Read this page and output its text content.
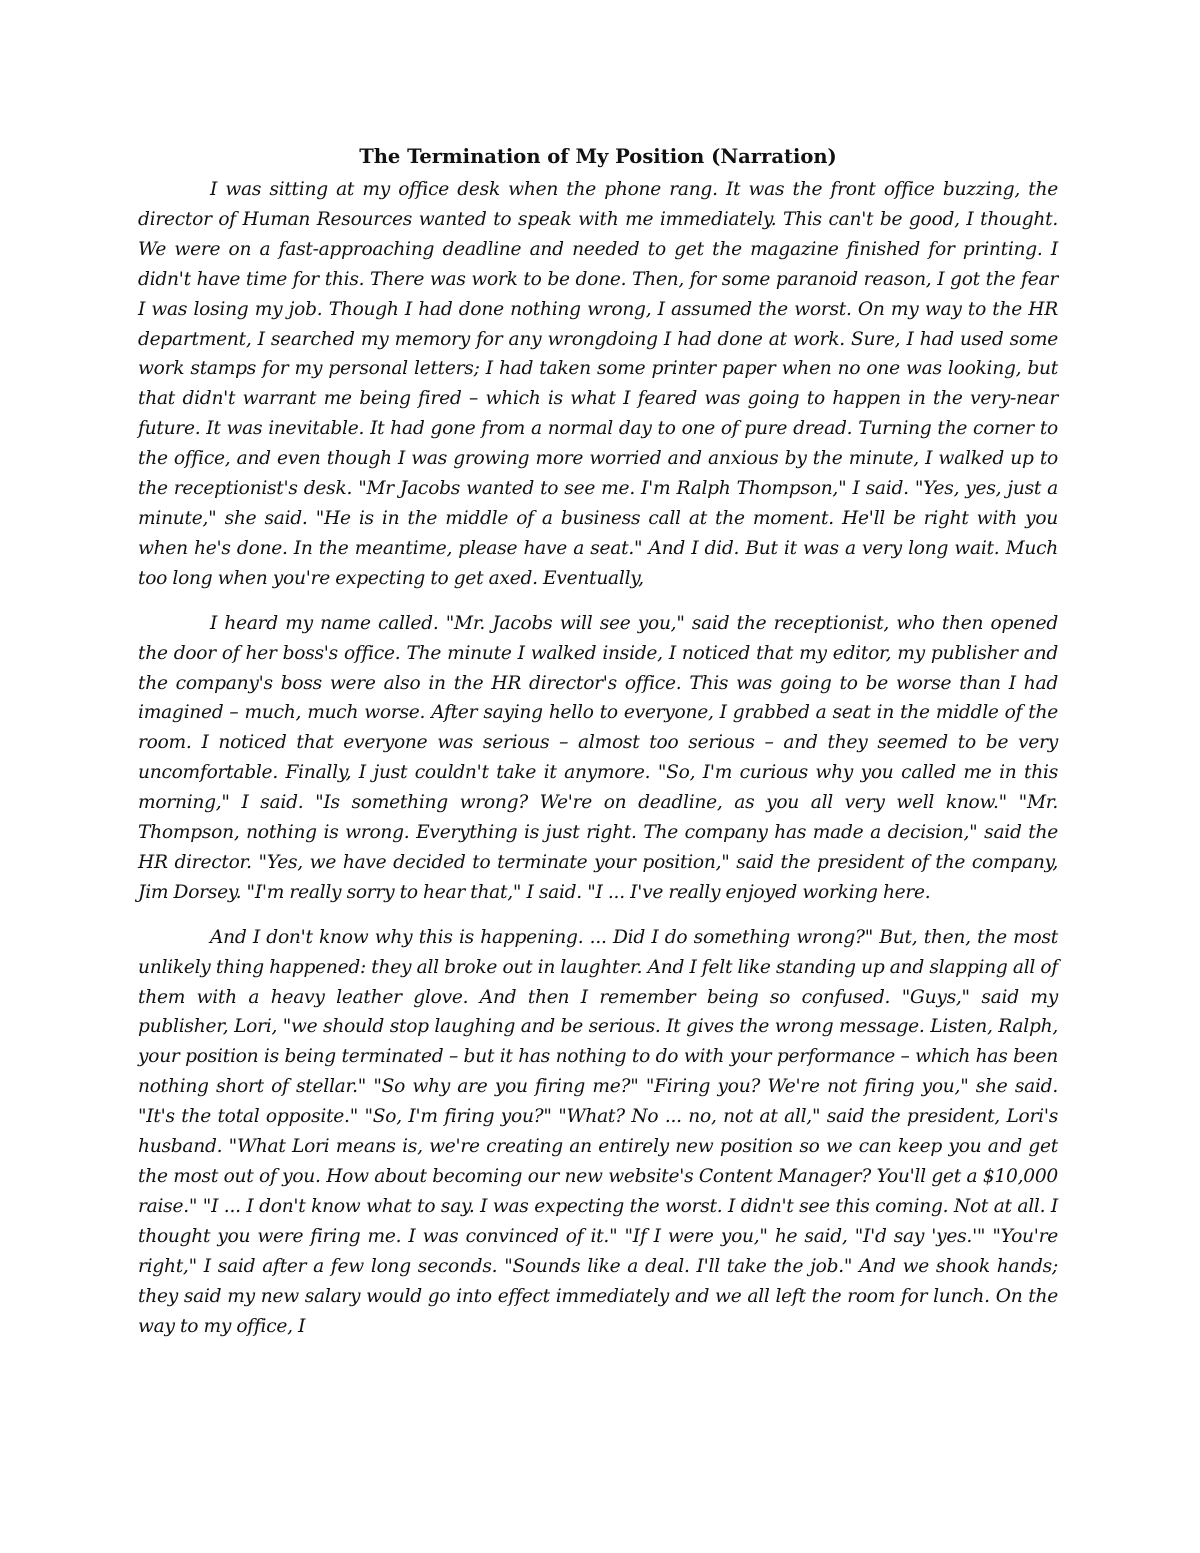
The Termination of My Position (Narration)

I was sitting at my office desk when the phone rang. It was the front office buzzing, the director of Human Resources wanted to speak with me immediately. This can't be good, I thought. We were on a fast-approaching deadline and needed to get the magazine finished for printing. I didn't have time for this. There was work to be done. Then, for some paranoid reason, I got the fear I was losing my job. Though I had done nothing wrong, I assumed the worst. On my way to the HR department, I searched my memory for any wrongdoing I had done at work. Sure, I had used some work stamps for my personal letters; I had taken some printer paper when no one was looking, but that didn't warrant me being fired – which is what I feared was going to happen in the very-near future. It was inevitable. It had gone from a normal day to one of pure dread. Turning the corner to the office, and even though I was growing more worried and anxious by the minute, I walked up to the receptionist's desk. "Mr Jacobs wanted to see me. I'm Ralph Thompson," I said. "Yes, yes, just a minute," she said. "He is in the middle of a business call at the moment. He'll be right with you when he's done. In the meantime, please have a seat." And I did. But it was a very long wait. Much too long when you're expecting to get axed. Eventually,

I heard my name called. "Mr. Jacobs will see you," said the receptionist, who then opened the door of her boss's office. The minute I walked inside, I noticed that my editor, my publisher and the company's boss were also in the HR director's office. This was going to be worse than I had imagined – much, much worse. After saying hello to everyone, I grabbed a seat in the middle of the room. I noticed that everyone was serious – almost too serious – and they seemed to be very uncomfortable. Finally, I just couldn't take it anymore. "So, I'm curious why you called me in this morning," I said. "Is something wrong? We're on deadline, as you all very well know." "Mr. Thompson, nothing is wrong. Everything is just right. The company has made a decision," said the HR director. "Yes, we have decided to terminate your position," said the president of the company, Jim Dorsey. "I'm really sorry to hear that," I said. "I ... I've really enjoyed working here.

And I don't know why this is happening. ... Did I do something wrong?" But, then, the most unlikely thing happened: they all broke out in laughter. And I felt like standing up and slapping all of them with a heavy leather glove. And then I remember being so confused. "Guys," said my publisher, Lori, "we should stop laughing and be serious. It gives the wrong message. Listen, Ralph, your position is being terminated – but it has nothing to do with your performance – which has been nothing short of stellar." "So why are you firing me?" "Firing you? We're not firing you," she said. "It's the total opposite." "So, I'm firing you?" "What? No ... no, not at all," said the president, Lori's husband. "What Lori means is, we're creating an entirely new position so we can keep you and get the most out of you. How about becoming our new website's Content Manager? You'll get a $10,000 raise." "I ... I don't know what to say. I was expecting the worst. I didn't see this coming. Not at all. I thought you were firing me. I was convinced of it." "If I were you," he said, "I'd say 'yes.'" "You're right," I said after a few long seconds. "Sounds like a deal. I'll take the job." And we shook hands; they said my new salary would go into effect immediately and we all left the room for lunch. On the way to my office, I
